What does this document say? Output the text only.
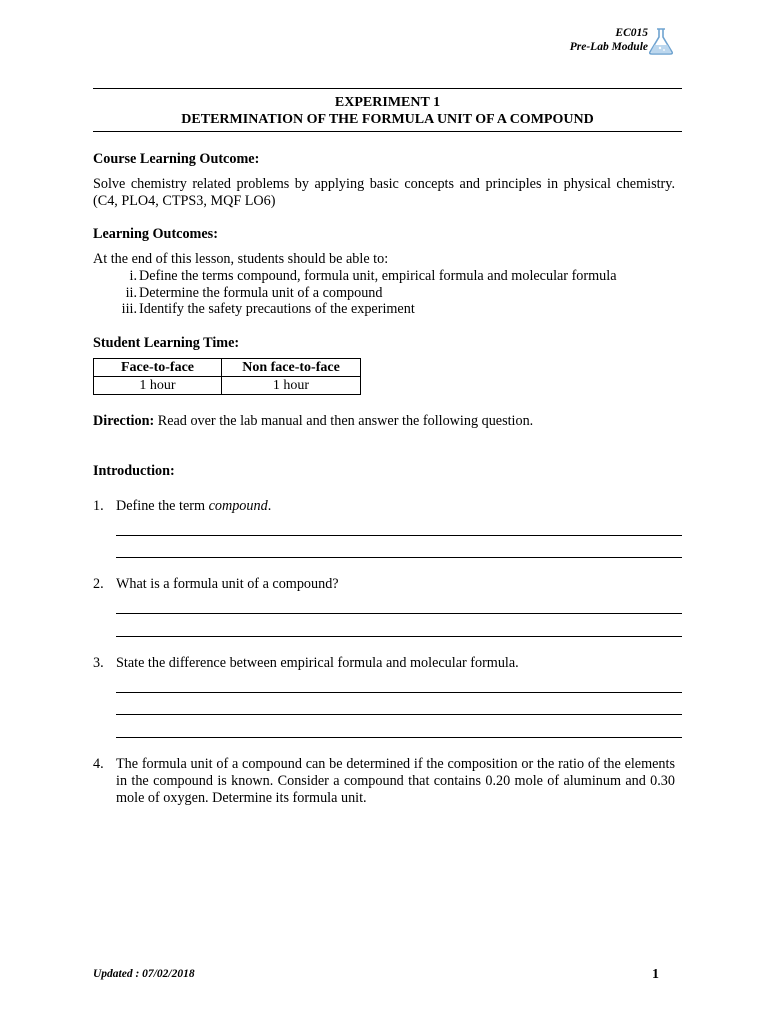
EC015
Pre-Lab Module
EXPERIMENT 1
DETERMINATION OF THE FORMULA UNIT OF A COMPOUND
Course Learning Outcome:
Solve chemistry related problems by applying basic concepts and principles in physical chemistry. (C4, PLO4, CTPS3, MQF LO6)
Learning Outcomes:
At the end of this lesson, students should be able to:
i. Define the terms compound, formula unit, empirical formula and molecular formula
ii. Determine the formula unit of a compound
iii. Identify the safety precautions of the experiment
Student Learning Time:
Face-to-face	Non face-to-face
1 hour	1 hour
Direction: Read over the lab manual and then answer the following question.
Introduction:
1. Define the term compound.
2. What is a formula unit of a compound?
3. State the difference between empirical formula and molecular formula.
4. The formula unit of a compound can be determined if the composition or the ratio of the elements in the compound is known. Consider a compound that contains 0.20 mole of aluminum and 0.30 mole of oxygen. Determine its formula unit.
Updated : 07/02/2018	1
